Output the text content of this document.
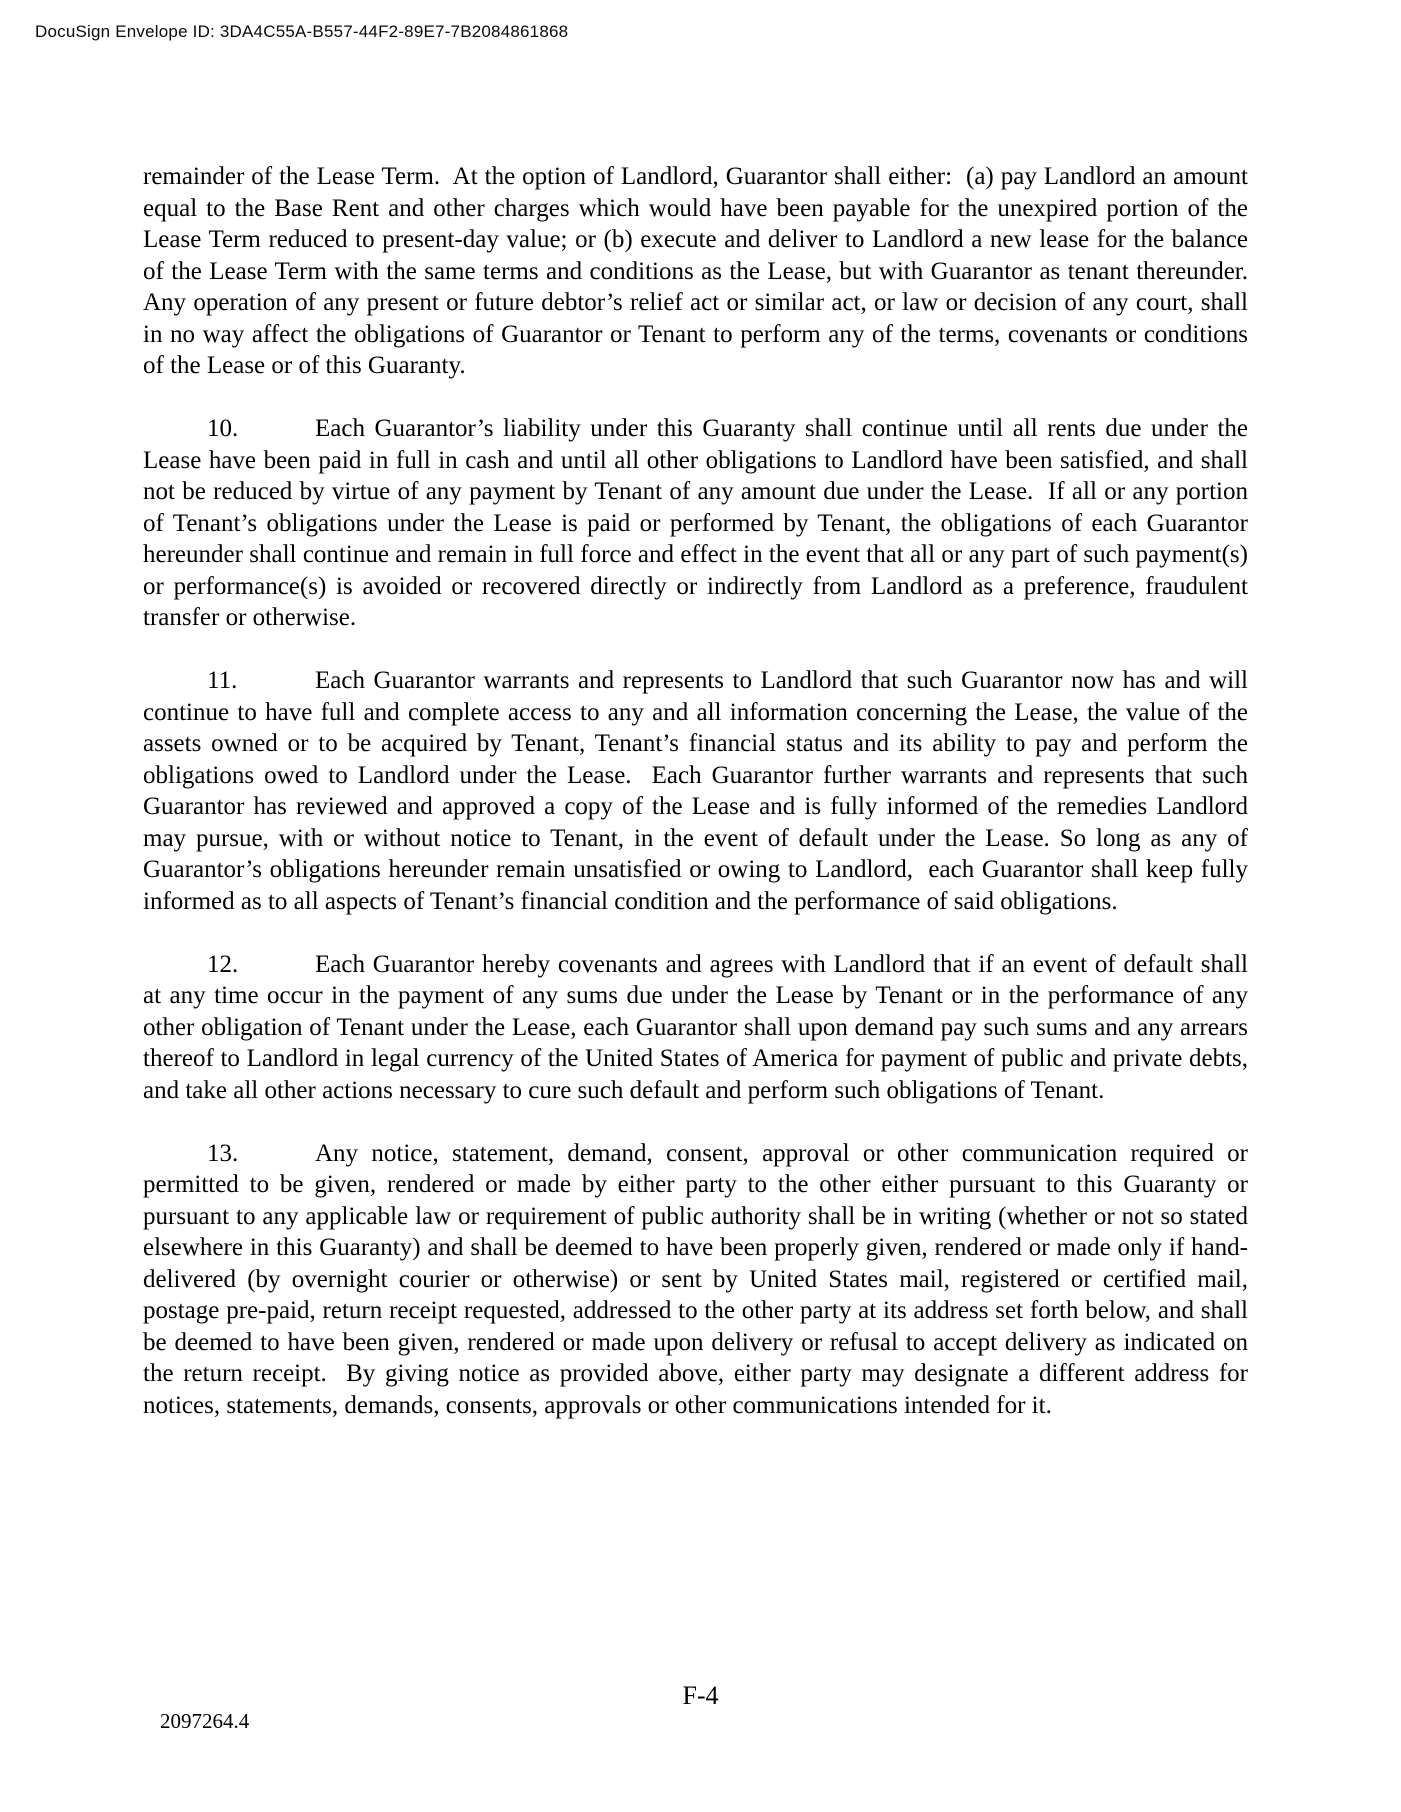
DocuSign Envelope ID: 3DA4C55A-B557-44F2-89E7-7B2084861868

remainder of the Lease Term.  At the option of Landlord, Guarantor shall either:  (a) pay Landlord an amount equal to the Base Rent and other charges which would have been payable for the unexpired portion of the Lease Term reduced to present-day value; or (b) execute and deliver to Landlord a new lease for the balance of the Lease Term with the same terms and conditions as the Lease, but with Guarantor as tenant thereunder.  Any operation of any present or future debtor’s relief act or similar act, or law or decision of any court, shall in no way affect the obligations of Guarantor or Tenant to perform any of the terms, covenants or conditions of the Lease or of this Guaranty.

10.	Each Guarantor’s liability under this Guaranty shall continue until all rents due under the Lease have been paid in full in cash and until all other obligations to Landlord have been satisfied, and shall not be reduced by virtue of any payment by Tenant of any amount due under the Lease.  If all or any portion of Tenant’s obligations under the Lease is paid or performed by Tenant, the obligations of each Guarantor hereunder shall continue and remain in full force and effect in the event that all or any part of such payment(s) or performance(s) is avoided or recovered directly or indirectly from Landlord as a preference, fraudulent transfer or otherwise.

11.	Each Guarantor warrants and represents to Landlord that such Guarantor now has and will continue to have full and complete access to any and all information concerning the Lease, the value of the assets owned or to be acquired by Tenant, Tenant’s financial status and its ability to pay and perform the obligations owed to Landlord under the Lease.  Each Guarantor further warrants and represents that such Guarantor has reviewed and approved a copy of the Lease and is fully informed of the remedies Landlord may pursue, with or without notice to Tenant, in the event of default under the Lease. So long as any of Guarantor’s obligations hereunder remain unsatisfied or owing to Landlord,  each Guarantor shall keep fully informed as to all aspects of Tenant’s financial condition and the performance of said obligations.

12.	Each Guarantor hereby covenants and agrees with Landlord that if an event of default shall at any time occur in the payment of any sums due under the Lease by Tenant or in the performance of any other obligation of Tenant under the Lease, each Guarantor shall upon demand pay such sums and any arrears thereof to Landlord in legal currency of the United States of America for payment of public and private debts, and take all other actions necessary to cure such default and perform such obligations of Tenant.

13.	Any notice, statement, demand, consent, approval or other communication required or permitted to be given, rendered or made by either party to the other either pursuant to this Guaranty or pursuant to any applicable law or requirement of public authority shall be in writing (whether or not so stated elsewhere in this Guaranty) and shall be deemed to have been properly given, rendered or made only if hand-delivered (by overnight courier or otherwise) or sent by United States mail, registered or certified mail, postage pre-paid, return receipt requested, addressed to the other party at its address set forth below, and shall be deemed to have been given, rendered or made upon delivery or refusal to accept delivery as indicated on the return receipt.  By giving notice as provided above, either party may designate a different address for notices, statements, demands, consents, approvals or other communications intended for it.

F-4
2097264.4
